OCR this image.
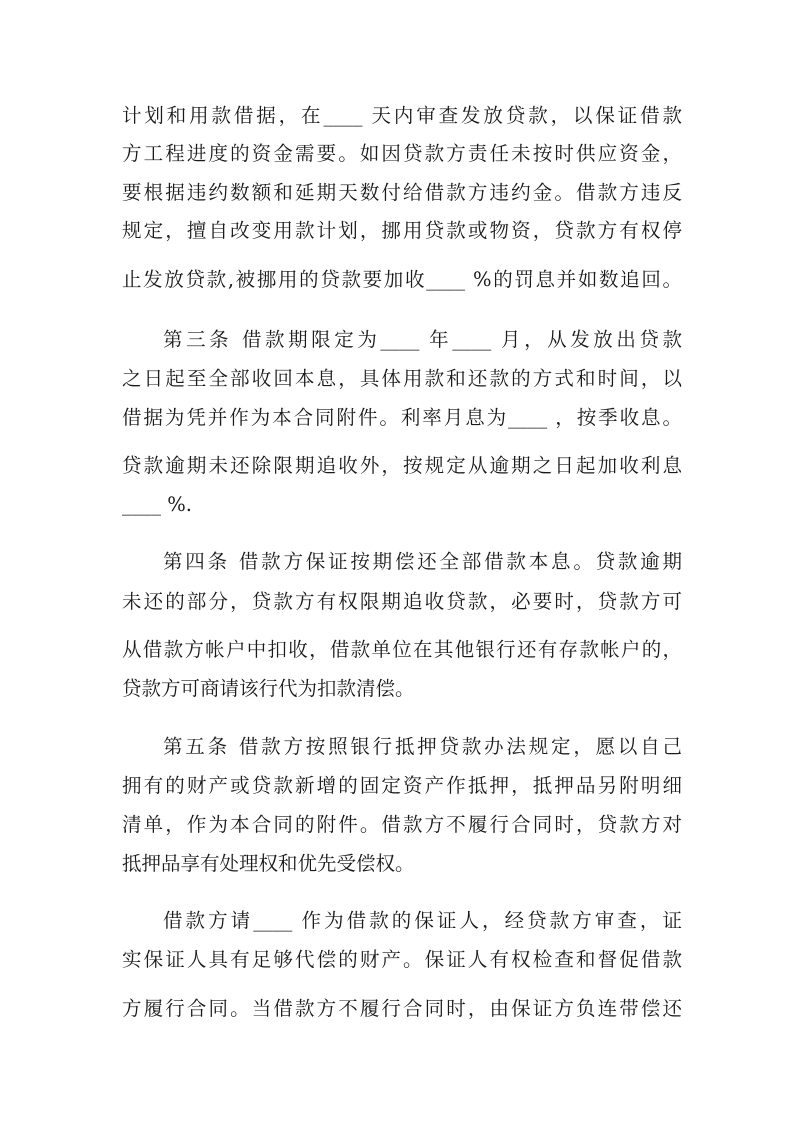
计划和用款借据，在____ 天内审查发放贷款，以保证借款
方工程进度的资金需要。如因贷款方责任未按时供应资金，
要根据违约数额和延期天数付给借款方违约金。借款方违反
规定，擅自改变用款计划，挪用贷款或物资，贷款方有权停
止发放贷款,被挪用的贷款要加收____ %的罚息并如数追回。
第三条 借款期限定为____ 年____ 月，从发放出贷款
之日起至全部收回本息，具体用款和还款的方式和时间，以
借据为凭并作为本合同附件。利率月息为____ ，按季收息。
贷款逾期未还除限期追收外，按规定从逾期之日起加收利息
____ %.
第四条 借款方保证按期偿还全部借款本息。贷款逾期
未还的部分，贷款方有权限期追收贷款，必要时，贷款方可
从借款方帐户中扣收，借款单位在其他银行还有存款帐户的，
贷款方可商请该行代为扣款清偿。
第五条 借款方按照银行抵押贷款办法规定，愿以自己
拥有的财产或贷款新增的固定资产作抵押，抵押品另附明细
清单，作为本合同的附件。借款方不履行合同时，贷款方对
抵押品享有处理权和优先受偿权。
借款方请____ 作为借款的保证人，经贷款方审查，证
实保证人具有足够代偿的财产。保证人有权检查和督促借款
方履行合同。当借款方不履行合同时，由保证方负连带偿还
